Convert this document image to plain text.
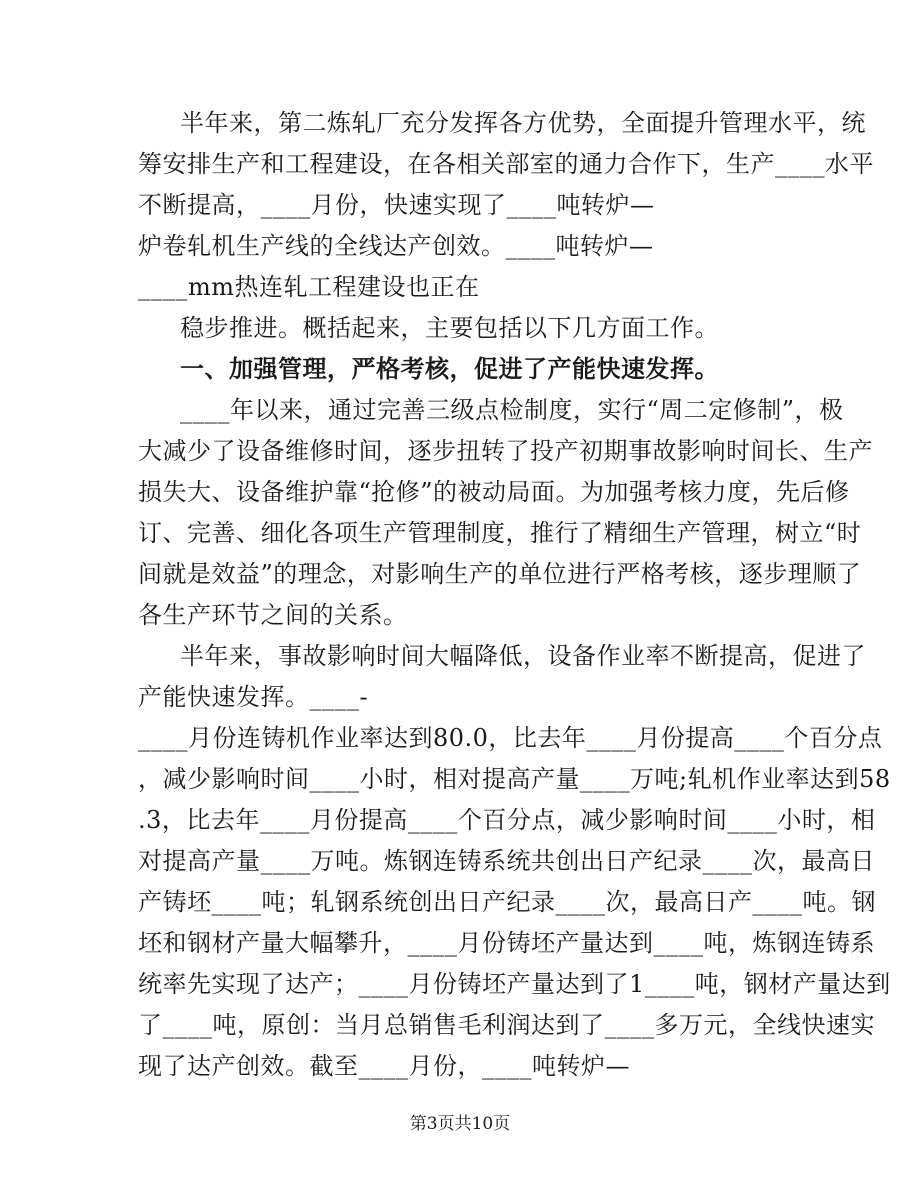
半年来，第二炼轧厂充分发挥各方优势，全面提升管理水平，统
筹安排生产和工程建设，在各相关部室的通力合作下，生产____水平
不断提高，____月份，快速实现了____吨转炉—
炉卷轧机生产线的全线达产创效。____吨转炉—
____mm热连轧工程建设也正在
稳步推进。概括起来，主要包括以下几方面工作。
一、加强管理，严格考核，促进了产能快速发挥。
____年以来，通过完善三级点检制度，实行“周二定修制”，极
大减少了设备维修时间，逐步扭转了投产初期事故影响时间长、生产
损失大、设备维护靠“抢修”的被动局面。为加强考核力度，先后修
订、完善、细化各项生产管理制度，推行了精细生产管理，树立“时
间就是效益”的理念，对影响生产的单位进行严格考核，逐步理顺了
各生产环节之间的关系。
半年来，事故影响时间大幅降低，设备作业率不断提高，促进了
产能快速发挥。____-
____月份连铸机作业率达到80.0，比去年____月份提高____个百分点
，减少影响时间____小时，相对提高产量____万吨;轧机作业率达到58
.3，比去年____月份提高____个百分点，减少影响时间____小时，相
对提高产量____万吨。炼钢连铸系统共创出日产纪录____次，最高日
产铸坯____吨；轧钢系统创出日产纪录____次，最高日产____吨。钢
坯和钢材产量大幅攀升，____月份铸坯产量达到____吨，炼钢连铸系
统率先实现了达产；____月份铸坯产量达到了1____吨，钢材产量达到
了____吨，原创：当月总销售毛利润达到了____多万元，全线快速实
现了达产创效。截至____月份，____吨转炉—
第3页共10页
